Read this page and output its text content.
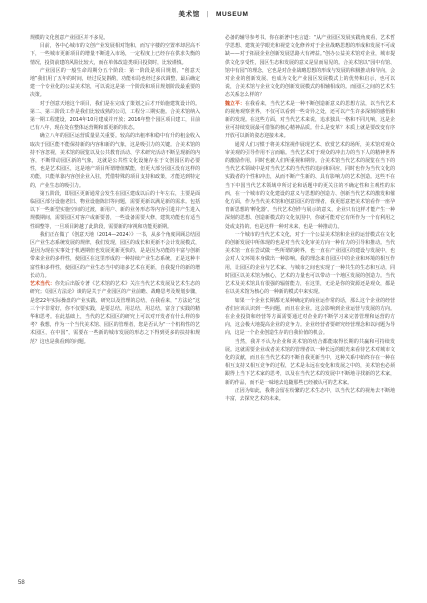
美术馆 | MUSEUM

规模的文化创意产业园区并不多见。

目前，各中心城市的文创产业发展相对饱和，而写字楼的空置率却居高不下，一些城市更新项目的增量不断进入市场，一定程度上已经存在供求失衡的情况，投资前建的风险比较大，而在单体改造类项目投资时，比较谨慎。

产业园区的一般生命周期分五个阶段：第一阶段是项目规划，“创意天地”我们用了五年的时间，经过反复斟酌，功能布局也经过多次调整，最后确定建一个专业化的公益美术馆，可以说这是第一个阶段和项目规划阶段最重要的决策。

对于创意天地这个项目，我们是在完成了策划之后才开始施建筑设计的。第二、第三阶段工作是我们比较成熟的公司，工程分三期实施。合美术馆纳入第一期工程建设，2014年10月建成并开放；2016年整个园区项目建工，目前已有八年，现在处在整体运营期和部更新的状态。

确立八年的园区运营质量显关重要。较高的出租率和稳中有升的租金收入取决于园区能不能保持新的内容和新的气象，这是吸引力的关键。合美术馆的持不容忽视，美术馆的展览以及公共教育活动、学术研究活动不断呈现新的内容，不断带动园区新的气象，这就是公共性文化设施存在于文创园区的必要性，也是艺术园区，这是地产项目所谓增值赋能，但更大部分园区没有这样的功能，只能单靠内容创企业入驻，凭借特殊的项目支持和政策，才能达到特定的，产业生态的吸引力。

第五阶段，即园区更新通常会发生在园区建成以后的十年左右，主要是面临园区部分设施老旧、物业设施陈旧等问题，需要更新以满足新的需求。包括以下一些新型实施空间的过渡，新用户、新的业务形态等内容引进并产生进入规模期间，需要园区对客户或新要善，一些设备需要大修，建筑功能也有适当性调整等，一旦项目跨越了此阶段，需要新的审视和功能更新期。

我们正在做了《创意天地（2014—2024）》一书，从多个角度回顾总结园区产业生态系统发展的规律，我们发现，园区的成长和更新不会计发展模式，是因为现在实事处于机遇期但也发展更新更快的，是是因为功能的丰富与创新带来企业的多样性，使园区在这里形成的一种持续产业生态系统，正是这种丰富性和多样性，使园区的产业生态当中的诸多艺术在更新，自我提升的新的增长动力。

艺术当代：你先后出版专著《艺术馆的艺术》关注当代艺术发展及艺术生态的研究；《园区方法论》谈的是关于产业园区的产业前瞻、战略思考及规划步骤，是您22年实际操盘的产业实践、研究以及管理的总结，在我看来，“方法论”这三个字非常好，你不仅要实践，是要总结。用总结，用总结，富含了实践的精华和思考。在此基础上，当代的艺术园区的研究上可以对开发者有什么样的参考？我想，作为一个当代美术馆、园区的管理者，您是否认为“一个机构性的艺术园区，在中国”，需要在一些新的城市发展的形态之下得到更多的扶持和规范？这也是我看到的问题。

必备的辅导参考书。你在新著中也言道：“从产业园区发展实践角度看，艺术哲学思想、建筑美学眼光和视觉文化修养对于企业战略思想的形成和发展不可或缺——对于拓展企业创新发展思路大有裨益。”创办公益美术馆对企业，城市提供文化享受性，园区生态和发展的意义是显而易见的。合美术馆以“园中有馆、馆中有园”的理念，它也是对企业战略思想的形成与发展的积极推动和导向，会对企业的创新发展、也成为文化产业园区发展模式上的优势和启示，也可以说，合美术馆与企业文化的创新发展模式的相辅相成的。而园区之间的艺术生态关系怎么样的？

魏立平：在我看来，当代艺术是一种不断创造新意义的思想方法，以当代艺术的视角观察世界，不仅可以看到一些奇异之处，还可以产生许多深刻的感悟和新的发现。在这些方面，对当代艺术来说，追求独具一格和不同凡响，这是企业可持续发展最可借鉴的核心精神品质。什么是变革？本质上就是要改变有序开放可以新的姿态迎接未来。

通常人们习惯于将美术馆视作展现艺术、欣赏艺术的场所，美术馆对观众审美观的引导作用不言而喻。当代艺术对于观众的冲击力的当下人的精神世界的激励作用，同时也被人们所重视和期待。合美术馆当代艺术的展览在当下的当代艺术领域中是对当代艺术的当代性的追问和回应，同时也作为当代文化的实践者的个性和冲击，从而不断产生新的、具有影响力的艺术创造。这些不在当下中国当代艺术领域中所讨论和话题中的更关注的不确定性和主观性的东西，在一个城市的文化建设的意义与思想的创造力、创新当代艺术的激发和催化方面，作为当代美术馆和创意园区的管理者，我更愿意把美术馆看作一座孕育新思想的‘孵化器’。当代艺术创作与展示的意义，企业只有这样才能产生一种深刻的思想、创造新模式的文化氛围中，你就可能对它有所作为一个有利用之处或支持的。也是这样一种对未来，也是一种推动力。

一个城市的当代艺术文化，对于一个公益美术馆和企业的运营模式在文化的创新发展中所体现的也是对当代文化审美方向一种有力的引导和推动。当代美术馆一直在尝试做一些所谓的跨界，也一直在产业园区的建设与发展中，也会对人文环境本身做出一种影响。我的理念来自园区中的企业和环境的相互作用，让园区的企业与艺术家、与城市之间也实现了一种共生的生态和互动，同时园区以美术馆为核心，艺术的力量也可以带动一个地区发展的创造力。当代艺术及美术馆具有很强的辐射能力，在这里，无论是你的资源还是观众，都是在以美术馆为核心的一种新的模式中来实现。

如果一个企业长期都无某种确定的商业运作常的话，那么这个企业的经营者们应该认识到一些问题，而且在企业。这会影响到企业运营与发展的方向。在企业投资和经营等方面需要通过对企业的不断学习来完善管理和运营的方向，这会极大地提高企业的竞争力。企业经营者要研究经营理念和以问题为导向，这是一个企业创造生存的自我价值的机会。

当然，我并不认为企业和美术馆的结合都能取得长期的共赢和可持续发展。这就需要企业或者美术馆的管理者以一种长远的眼光来看待艺术对城市文化的贡献，而且在当代艺术的不断自我更新当中，这种关系中始终存在一种在相互支持又相互竞争的过程，艺术是永远在变化和发展之中的，美术馆也必须跟得上当下艺术家的思考，以及在当代艺术的发展中不断地寻找新的艺术家，新的作品，而不是一味地去追随那些已经被认可的艺术家。

正因为如此，我将会留在纷繁的艺术生态中，以当代艺术的视角去不断地丰富，去探究艺术的未来。

58
